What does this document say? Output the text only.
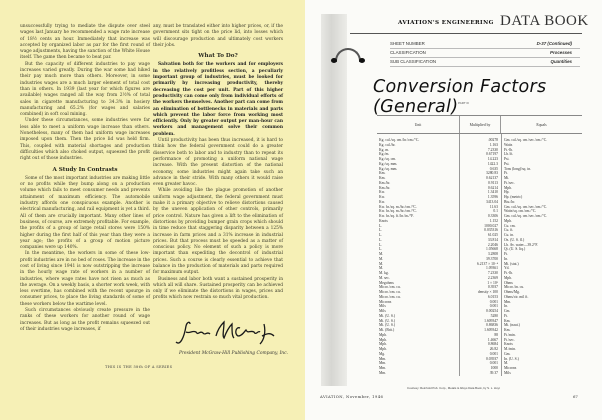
unsuccessfully trying to mediate the dispute over steel wages last January he recommended a wage rate increase of 18½ cents an hour. Immediately that increase was accepted by organized labor as par for the first round of wage adjustments, having the sanction of the White House itself. The game then became to beat par.

But the capacity of different industries to pay wage increases varied greatly. During the war some had hiked their pay much more than others. Moreover, in some industries wages are a much larger element of total cost than in others. In 1939 (last year for which figures are available) wages ranged all the way from 2½% of total sales in cigarette manufacturing to 34.3% in hosiery manufacturing and 65.2% (for wages and salaries combined) in soft coal mining.

Under these circumstances, some industries were far less able to meet a uniform wage increase than others. Nonetheless, many of them had uniform wage increases imposed upon them. Then the price lid was held firm. This, coupled with material shortages and production difficulties which also choked output, squeezed the profit right out of those industries.

A Study In Contrasts

Some of the most important industries are making little or no profits while they bump along on a production volume which fails to meet consumer needs and prevents attainment of maximum efficiency. The automobile industry affords one conspicuous example. Another is electrical manufacturing, and rail equipment is yet a third. All of them are crucially important. Many other lines of business, of course, are extremely profitable. For example, the profits of a group of large retail stores were 150% higher during the first half of this year than they were a year ago; the profits of a group of motion picture companies were up 140%.

In the meantime, the workers in some of these low-profit industries are in no bed of roses. The increase in the cost of living since 1941 is now outstripping the increase in the hourly wage rate of workers in a number of industries, where wage rates have not risen as much as the average. On a weekly basis, a shorter work week, with less overtime, has combined with the recent upsurge in consumer prices, to place the living standards of some of these workers below the wartime level.

Such circumstances obviously create pressure in the ranks of these workers for another round of wage increases. But as long as the profit remains squeezed out of their industries wage increases, if

any, must be translated either into higher prices, or, if the government sits tight on the price lid, into losses which will discourage production and ultimately cost workers their jobs.

What To Do?

Salvation both for the workers and for employers in the relatively profitless section, a peculiarly important group of industries, must be looked for primarily by increasing productivity, thereby decreasing the cost per unit. Part of this higher productivity can come only from individual efforts of the workers themselves. Another part can come from an elimination of bottlenecks in materials and parts which prevent the labor force from working most efficiently. Only by greater output per man-hour can workers and management solve their common problem.

Until productivity has been thus increased, it is hard to think how the federal government could do a greater disservice both to labor and to industry than to repeat its performance of promoting a uniform national wage increase. With the present distortion of the national economy, some industries might again take such an advance in their stride. With many others it would raise even greater havoc.

While avoiding like the plague promotion of another uniform wage adjustment, the federal government must make it a primary objective to relieve distortions caused by the uneven application of other controls, primarily price control. Nature has given a lift to the elimination of distortions by providing bumper grain crops which should in time reduce that staggering disparity between a 125% increase in farm prices and a 31% increase in industrial prices. But that process must be speeded as a matter of conscious policy. No element of such a policy is more important than expediting the decontrol of industrial prices. Such a course is clearly essential to achieve that balance in the production of materials and parts required for maximum output.

Business and labor both want a sustained prosperity in which all will share. Sustained prosperity can be achieved only if we eliminate the distortions in wages, prices and profits which now restrain so much vital production.

President McGraw-Hill Publishing Company, Inc.
THIS IS THE 58th OF A SERIES
AVIATION'S ENGINEERING DATA BOOK
SHEET NUMBER	D-37 (Continued)
CLASSIFICATION	Processes
SUB CLASSIFICATION	Quantities
Conversion Factors (General) PART III
Unit	Multiplied by	Equals
Kg. cal./sq. cm./hr./cm./°C.	.00278	Gm. cal./sq. cm./sec./cm./°C.
Kg. cal./hr.	1.163	Watts
Kg. m.	7.2330	Ft.-lb.
Kg./m.	0.67197	Lb./ft.
Kg./sq. cm.	14.223	Psi.
Kg./sq. mm.	1422.3	Psi.
Kg./sq. mm.	0.635	Tons (long)/sq. in.
Km.	3280.83	Ft.
Km.	0.62137	Mi.
Km./hr.	0.9113	Ft./sec.
Km./hr.	0.6214	Mph.
Kw.	1.3410	Hp.
Kw.	1.3596	Hp. (metric)
Kw.	3413.04	Btu./hr.
Kw. hr./sq. m./hr./cm./°C.	11.63	Gm. cal./sq. cm./sec./cm./°C.
Kw. hr./sq. m./hr./cm./°C.	0.1	Watts/sq. cm./cm./°C.
Kw. hr./sq. ft./hr./in./°F.	0.3306	Gm. cal./sq. cm./sec./cm./°C.
Knots	1.152	Mph.
L.	1000.027	Cu. cm.
L.	0.035316	Cu. ft.
L.	61.025	Cu. in.
L.	33.814	Oz. (U. S. fl.)
L.	2.2046	Lb. Av. water—39.2°F.
L.	1.05668	Qt. (U. S. liq.)
M.	3.2808	Ft.
M.	39.3700	In.
M.	6.2137 × 10⁻⁴	Mi. (stat.)
M.	1.09361	Yd.
M. kg.	7.2330	Ft.-lb.
M. sec.	2.2369	Mph.
Megohms	1 × 10⁶	Ohms
Micro./cm. cu.	0.3937	Micro./in. cu.
Micro./cm. cu.	density × 100	Ohms/Mg.
Micro./cm. cu.	6.0153	Ohms/cir. mil ft.
Microns	0.001	Mm.
Mils	0.001	In.
Mils	0.00254	Cm.
Mi. (U. S.)	5280	Ft.
Mi. (U. S.)	1.609347	Km.
Mi. (U. S.)	0.86836	Mi. (naut.)
Mi. (Brit.)	1.609342	Km.
Mph.	88	Ft./min.
Mph.	1.4667	Ft./sec.
Mph.	0.8684	Knots
Mph.	26.82	M./min.
Mg.	0.001	Gm.
Mm.	0.03937	In. (U. S.)
Mm.	0.001	M.
Mm.	1000	Microns
Mm.	39.37	Mils
Courtesy: Reinhold Pub. Corp., Metals & Alloys Data Book, by S. L. Hoyt
AVIATION, November, 1946	67
